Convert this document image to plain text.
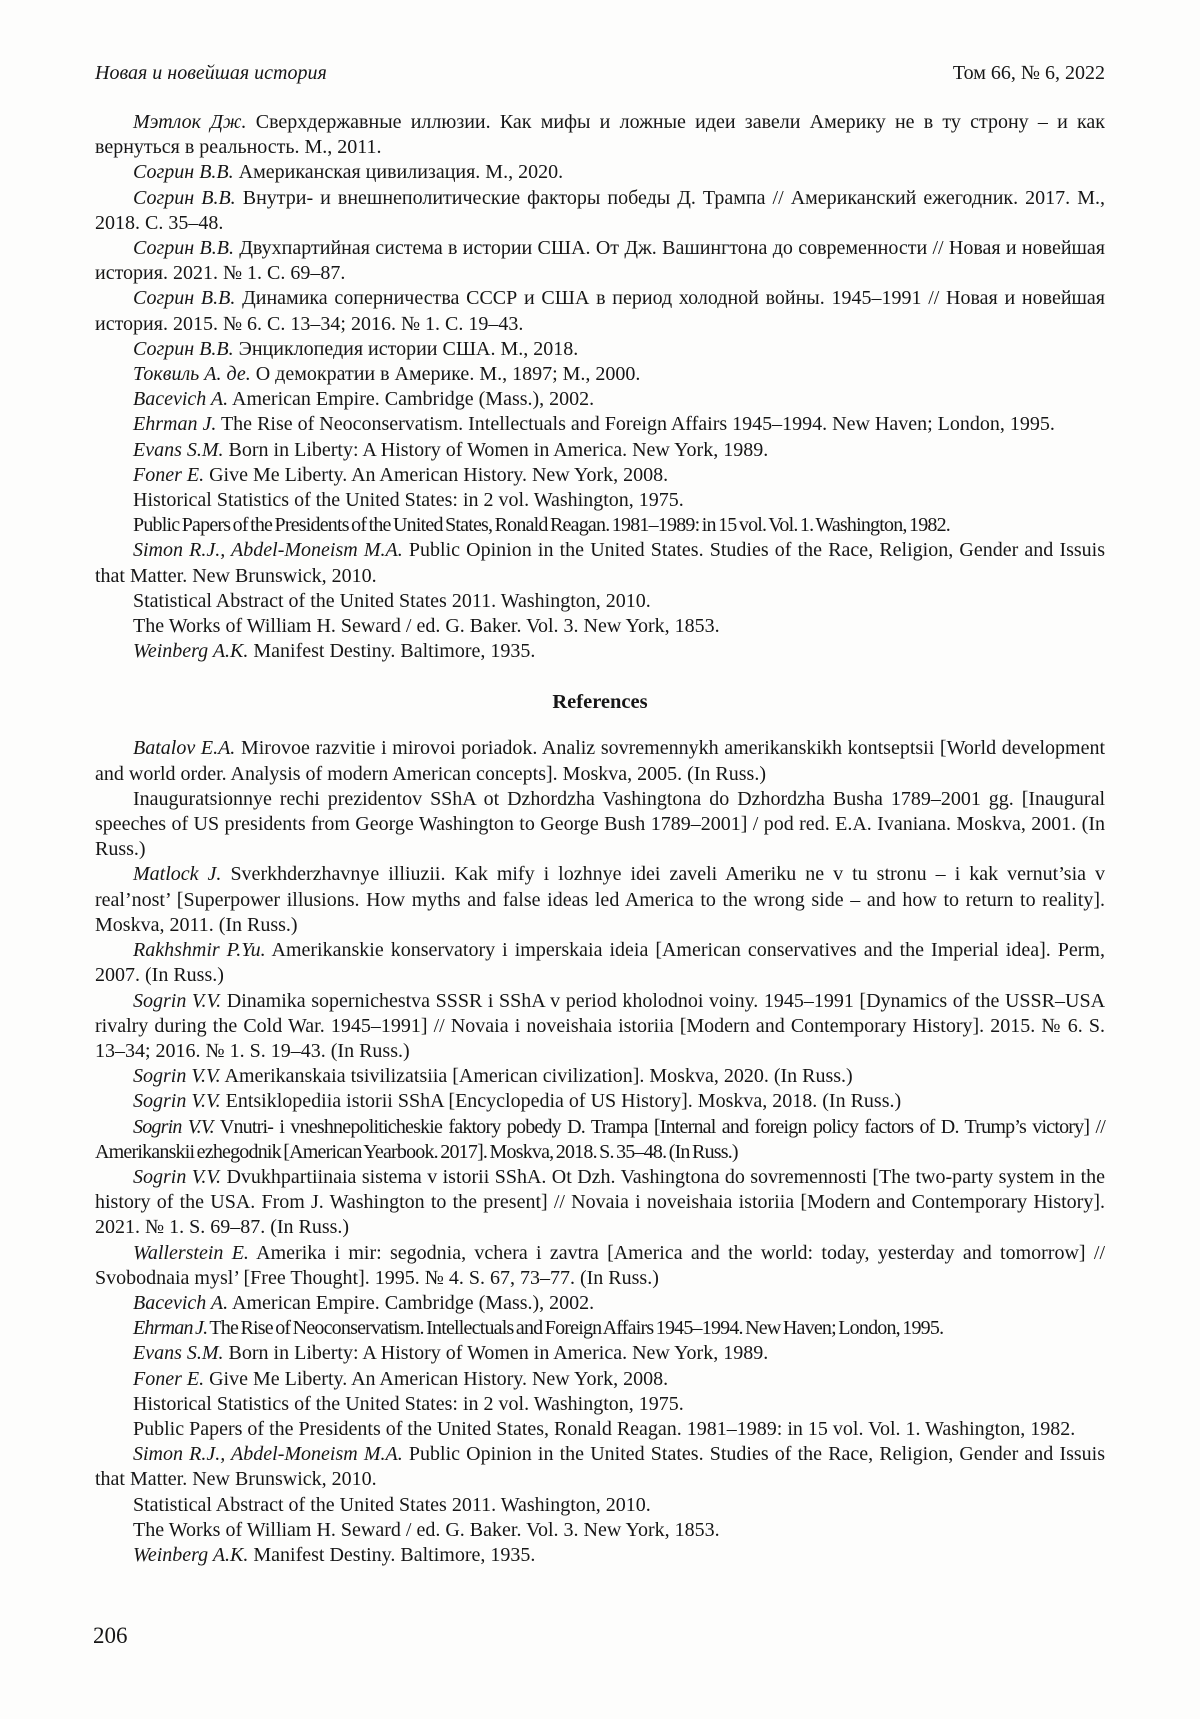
Новая и новейшая история	Том 66, № 6, 2022

Мэтлок Дж. Сверхдержавные иллюзии. Как мифы и ложные идеи завели Америку не в ту строну – и как вернуться в реальность. М., 2011.

Согрин В.В. Американская цивилизация. М., 2020.

Согрин В.В. Внутри- и внешнеполитические факторы победы Д. Трампа // Американский ежегодник. 2017. М., 2018. С. 35–48.

Согрин В.В. Двухпартийная система в истории США. От Дж. Вашингтона до современности // Новая и новейшая история. 2021. № 1. С. 69–87.

Согрин В.В. Динамика соперничества СССР и США в период холодной войны. 1945–1991 // Новая и новейшая история. 2015. № 6. С. 13–34; 2016. № 1. С. 19–43.

Согрин В.В. Энциклопедия истории США. М., 2018.

Токвиль А. де. О демократии в Америке. М., 1897; М., 2000.

Bacevich A. American Empire. Cambridge (Mass.), 2002.

Ehrman J. The Rise of Neoconservatism. Intellectuals and Foreign Affairs 1945–1994. New Haven; London, 1995.

Evans S.M. Born in Liberty: A History of Women in America. New York, 1989.

Foner E. Give Me Liberty. An American History. New York, 2008.

Historical Statistics of the United States: in 2 vol. Washington, 1975.

Public Papers of the Presidents of the United States, Ronald Reagan. 1981–1989: in 15 vol. Vol. 1. Washington, 1982.

Simon R.J., Abdel-Moneism M.A. Public Opinion in the United States. Studies of the Race, Religion, Gender and Issuis that Matter. New Brunswick, 2010.

Statistical Abstract of the United States 2011. Washington, 2010.

The Works of William H. Seward / ed. G. Baker. Vol. 3. New York, 1853.

Weinberg A.K. Manifest Destiny. Baltimore, 1935.

References

Batalov E.A. Mirovoe razvitie i mirovoi poriadok. Analiz sovremennykh amerikanskikh kontseptsii [World development and world order. Analysis of modern American concepts]. Moskva, 2005. (In Russ.)

Inauguratsionnye rechi prezidentov SShA ot Dzhordzha Vashingtona do Dzhordzha Busha 1789–2001 gg. [Inaugural speeches of US presidents from George Washington to George Bush 1789–2001] / pod red. E.A. Ivaniana. Moskva, 2001. (In Russ.)

Matlock J. Sverkhderzhavnye illiuzii. Kak mify i lozhnye idei zaveli Ameriku ne v tu stronu – i kak vernut’sia v real’nost’ [Superpower illusions. How myths and false ideas led America to the wrong side – and how to return to reality]. Moskva, 2011. (In Russ.)

Rakhshmir P.Yu. Amerikanskie konservatory i imperskaia ideia [American conservatives and the Imperial idea]. Perm, 2007. (In Russ.)

Sogrin V.V. Dinamika sopernichestva SSSR i SShA v period kholodnoi voiny. 1945–1991 [Dynamics of the USSR–USA rivalry during the Cold War. 1945–1991] // Novaia i noveishaia istoriia [Modern and Contemporary History]. 2015. № 6. S. 13–34; 2016. № 1. S. 19–43. (In Russ.)

Sogrin V.V. Amerikanskaia tsivilizatsiia [American civilization]. Moskva, 2020. (In Russ.)

Sogrin V.V. Entsiklopediia istorii SShA [Encyclopedia of US History]. Moskva, 2018. (In Russ.)

Sogrin V.V. Vnutri- i vneshnepoliticheskie faktory pobedy D. Trampa [Internal and foreign policy factors of D. Trump’s victory] // Amerikanskii ezhegodnik [American Yearbook. 2017]. Moskva, 2018. S. 35–48. (In Russ.)

Sogrin V.V. Dvukhpartiinaia sistema v istorii SShA. Ot Dzh. Vashingtona do sovremennosti [The two-party system in the history of the USA. From J. Washington to the present] // Novaia i noveishaia istoriia [Modern and Contemporary History]. 2021. № 1. S. 69–87. (In Russ.)

Wallerstein E. Amerika i mir: segodnia, vchera i zavtra [America and the world: today, yesterday and tomorrow] // Svobodnaia mysl’ [Free Thought]. 1995. № 4. S. 67, 73–77. (In Russ.)

Bacevich A. American Empire. Cambridge (Mass.), 2002.

Ehrman J. The Rise of Neoconservatism. Intellectuals and Foreign Affairs 1945–1994. New Haven; London, 1995.

Evans S.M. Born in Liberty: A History of Women in America. New York, 1989.

Foner E. Give Me Liberty. An American History. New York, 2008.

Historical Statistics of the United States: in 2 vol. Washington, 1975.

Public Papers of the Presidents of the United States, Ronald Reagan. 1981–1989: in 15 vol. Vol. 1. Washington, 1982.

Simon R.J., Abdel-Moneism M.A. Public Opinion in the United States. Studies of the Race, Religion, Gender and Issuis that Matter. New Brunswick, 2010.

Statistical Abstract of the United States 2011. Washington, 2010.

The Works of William H. Seward / ed. G. Baker. Vol. 3. New York, 1853.

Weinberg A.K. Manifest Destiny. Baltimore, 1935.

206
